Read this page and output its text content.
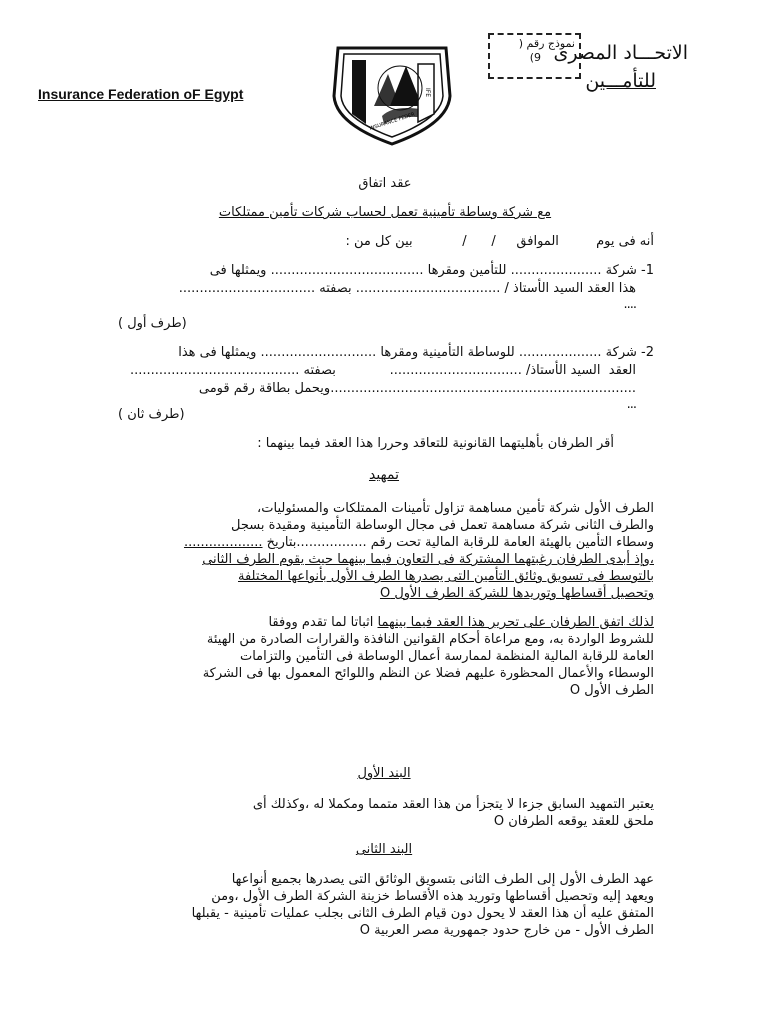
Insurance Federation oF Egypt	IFE
INSURANCE FEDER
الاتحـــاد المصرى
للتأمـــين
نموذج رقم (
9)
عقد اتفاق
مع شركة وساطة تأمينية تعمل لحساب شركات تأمين ممتلكات
أنه فى يوم         الموافق     /      /            بين كل من :
1- شركة ...................... للتأمين ومقرها ..................................... ويمثلها فى
هذا العقد السيد الأستاذ / ................................... بصفته .................................
....
(طرف أول )
2- شركة .................... للوساطة التأمينية ومقرها ............................ ويمثلها فى هذا
العقد  السيد الأستاذ/ ................................             بصفته .........................................
..........................................................................ويحمل بطاقة رقم قومى
...
(طرف ثان )
أقر الطرفان بأهليتهما القانونية للتعاقد وحررا هذا العقد فيما بينهما :
تمهيد
الطرف الأول شركة تأمين مساهمة تزاول تأمينات الممتلكات والمسئوليات،
والطرف الثانى شركة مساهمة تعمل فى مجال الوساطة التأمينية ومقيدة بسجل
وسطاء التأمين بالهيئة العامة للرقابة المالية تحت رقم .................بتاريخ ...................
،وإذ أبدى الطرفان رغبتهما المشتركة فى التعاون فيما بينهما حيث يقوم الطرف الثانى
بالتوسط فى تسويق وثائق التأمين التى يصدرها الطرف الأول بأنواعها المختلفة
وتحصيل أقساطها وتوريدها للشركة الطرف الأول O
لذلك اتفق الطرفان على تحرير هذا العقد فيما بينهما اثباتا لما تقدم ووفقا
للشروط الواردة به، ومع مراعاة أحكام القوانين النافذة والقرارات الصادرة من الهيئة
العامة للرقابة المالية المنظمة لممارسة أعمال الوساطة فى التأمين والتزامات
الوسطاء والأعمال المحظورة عليهم فضلا عن النظم واللوائح المعمول بها فى الشركة
الطرف الأول O
البند الأول
يعتبر التمهيد السابق جزءا لا يتجزأ من هذا العقد متمما ومكملا له ،وكذلك أى
ملحق للعقد يوقعه الطرفان O
البند الثانى
عهد الطرف الأول إلى الطرف الثانى بتسويق الوثائق التى يصدرها بجميع أنواعها
ويعهد إليه وتحصيل أقساطها وتوريد هذه الأقساط خزينة الشركة الطرف الأول ،ومن
المتفق عليه أن هذا العقد لا يحول دون قيام الطرف الثانى بجلب عمليات تأمينية - يقبلها
الطرف الأول - من خارج حدود جمهورية مصر العربية O
